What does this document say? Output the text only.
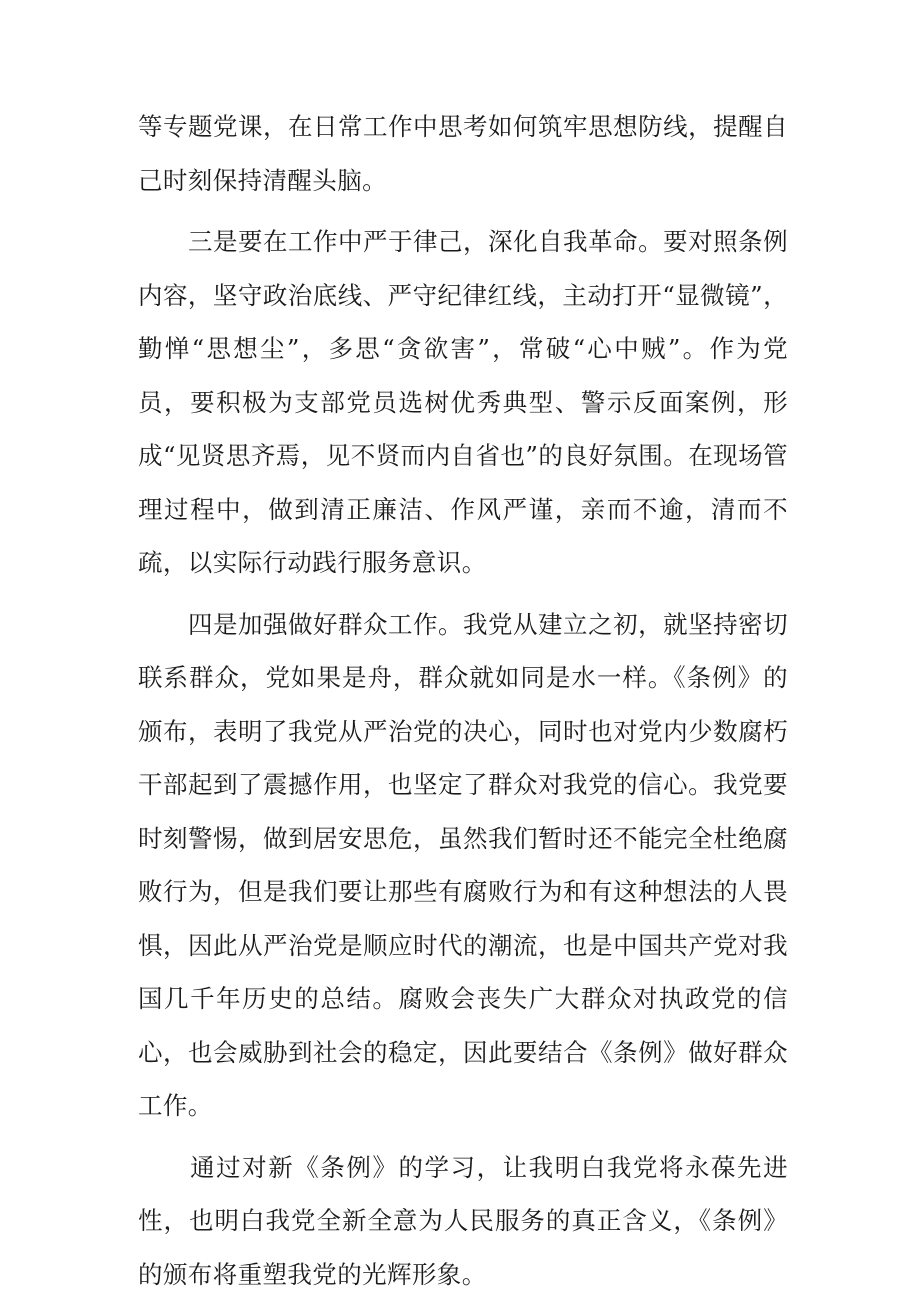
等专题党课，在日常工作中思考如何筑牢思想防线，提醒自己时刻保持清醒头脑。

　　三是要在工作中严于律己，深化自我革命。要对照条例内容，坚守政治底线、严守纪律红线，主动打开“显微镜”，勤惮“思想尘”，多思“贪欲害”，常破“心中贼”。作为党员，要积极为支部党员选树优秀典型、警示反面案例，形成“见贤思齐焉，见不贤而内自省也”的良好氛围。在现场管理过程中，做到清正廉洁、作风严谨，亲而不逾，清而不疏，以实际行动践行服务意识。

　　四是加强做好群众工作。我党从建立之初，就坚持密切联系群众，党如果是舟，群众就如同是水一样。《条例》的颁布，表明了我党从严治党的决心，同时也对党内少数腐朽干部起到了震撼作用，也坚定了群众对我党的信心。我党要时刻警惕，做到居安思危，虽然我们暂时还不能完全杜绝腐败行为，但是我们要让那些有腐败行为和有这种想法的人畏惧，因此从严治党是顺应时代的潮流，也是中国共产党对我国几千年历史的总结。腐败会丧失广大群众对执政党的信心，也会威胁到社会的稳定，因此要结合《条例》做好群众工作。

　　通过对新《条例》的学习，让我明白我党将永葆先进性，也明白我党全新全意为人民服务的真正含义，《条例》的颁布将重塑我党的光辉形象。
